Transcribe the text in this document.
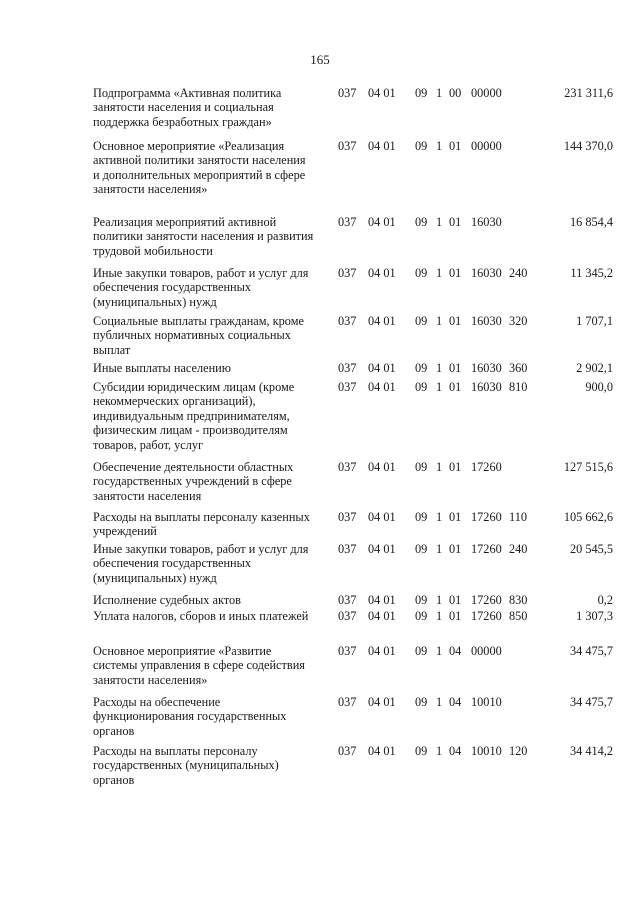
165
Подпрограмма «Активная политика занятости населения и социальная поддержка безработных граждан»
037 04 01 09 1 00 00000	231 311,6
Основное мероприятие «Реализация активной политики занятости населения и дополнительных мероприятий в сфере занятости населения»
037 04 01 09 1 01 00000	144 370,0
Реализация мероприятий активной политики занятости населения и развития трудовой мобильности
037 04 01 09 1 01 16030	16 854,4
Иные закупки товаров, работ и услуг для обеспечения государственных (муниципальных) нужд
037 04 01 09 1 01 16030 240	11 345,2
Социальные выплаты гражданам, кроме публичных нормативных социальных выплат
037 04 01 09 1 01 16030 320	1 707,1
Иные выплаты населению	037 04 01 09 1 01 16030 360	2 902,1
Субсидии юридическим лицам (кроме некоммерческих организаций), индивидуальным предпринимателям, физическим лицам - производителям товаров, работ, услуг
037 04 01 09 1 01 16030 810	900,0
Обеспечение деятельности областных государственных учреждений в сфере занятости населения
037 04 01 09 1 01 17260	127 515,6
Расходы на выплаты персоналу казенных учреждений
037 04 01 09 1 01 17260 110	105 662,6
Иные закупки товаров, работ и услуг для обеспечения государственных (муниципальных) нужд
037 04 01 09 1 01 17260 240	20 545,5
Исполнение судебных актов	037 04 01 09 1 01 17260 830	0,2
Уплата налогов, сборов и иных платежей	037 04 01 09 1 01 17260 850	1 307,3
Основное мероприятие «Развитие системы управления в сфере содействия занятости населения»
037 04 01 09 1 04 00000	34 475,7
Расходы на обеспечение функционирования государственных органов
037 04 01 09 1 04 10010	34 475,7
Расходы на выплаты персоналу государственных (муниципальных) органов
037 04 01 09 1 04 10010 120	34 414,2
